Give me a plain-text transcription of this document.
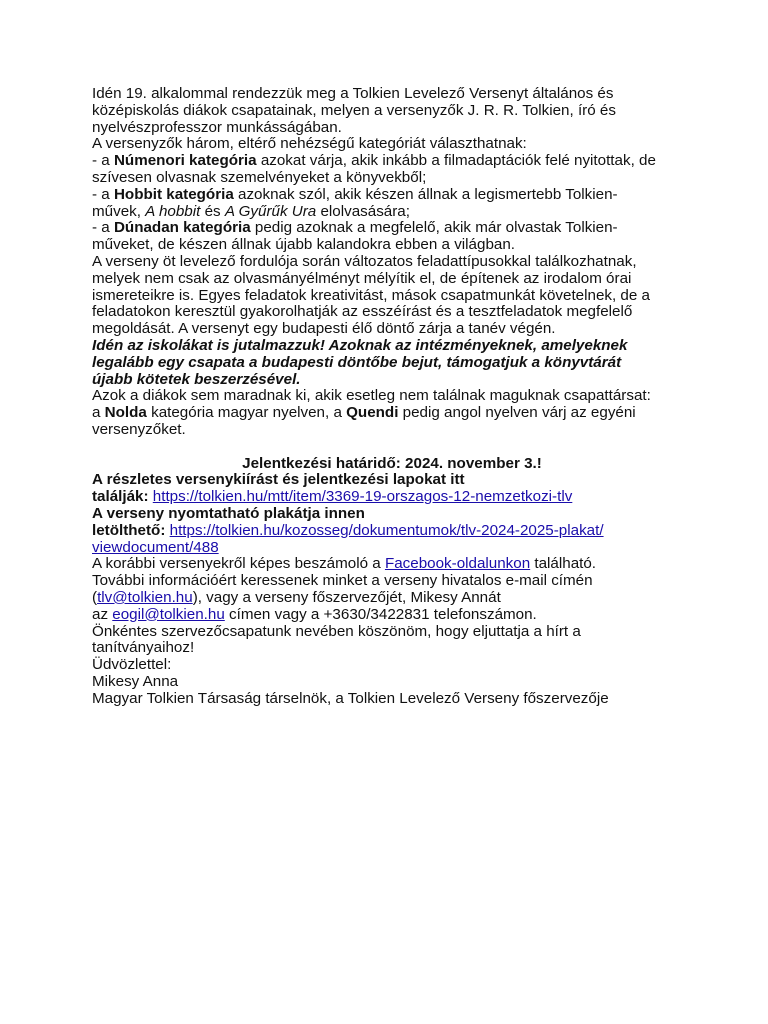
Idén 19. alkalommal rendezzük meg a Tolkien Levelező Versenyt általános és
középiskolás diákok csapatainak, melyen a versenyzők J. R. R. Tolkien, író és
nyelvészprofesszor munkásságában.
A versenyzők három, eltérő nehézségű kategóriát választhatnak:
- a Númenori kategória azokat várja, akik inkább a filmadaptációk felé nyitottak, de
szívesen olvasnak szemelvényeket a könyvekből;
- a Hobbit kategória azoknak szól, akik készen állnak a legismertebb Tolkien-
művek, A hobbit és A Gyűrűk Ura elolvasására;
- a Dúnadan kategória pedig azoknak a megfelelő, akik már olvastak Tolkien-
műveket, de készen állnak újabb kalandokra ebben a világban.
A verseny öt levelező fordulója során változatos feladattípusokkal találkozhatnak,
melyek nem csak az olvasmányélményt mélyítik el, de építenek az irodalom órai
ismereteikre is. Egyes feladatok kreativitást, mások csapatmunkát követelnek, de a
feladatokon keresztül gyakorolhatják az esszéírást és a tesztfeladatok megfelelő
megoldását. A versenyt egy budapesti élő döntő zárja a tanév végén.
Idén az iskolákat is jutalmazzuk! Azoknak az intézményeknek, amelyeknek
legalább egy csapata a budapesti döntőbe bejut, támogatjuk a könyvtárát
újabb kötetek beszerzésével.
Azok a diákok sem maradnak ki, akik esetleg nem találnak maguknak csapattársat:
a Nolda kategória magyar nyelven, a Quendi pedig angol nyelven várj az egyéni
versenyzőket.
Jelentkezési határidő: 2024. november 3.!
A részletes versenykiírást és jelentkezési lapokat itt
találják: https://tolkien.hu/mtt/item/3369-19-orszagos-12-nemzetkozi-tlv
A verseny nyomtatható plakátja innen
letölthető: https://tolkien.hu/kozosseg/dokumentumok/tlv-2024-2025-plakat/
viewdocument/488
A korábbi versenyekről képes beszámoló a Facebook-oldalunkon található.
További információért keressenek minket a verseny hivatalos e-mail címén
(tlv@tolkien.hu), vagy a verseny főszervezőjét, Mikesy Annát
az eogil@tolkien.hu címen vagy a +3630/3422831 telefonszámon.
Önkéntes szervezőcsapatunk nevében köszönöm, hogy eljuttatja a hírt a
tanítványaihoz!
Üdvözlettel:
Mikesy Anna
Magyar Tolkien Társaság társelnök, a Tolkien Levelező Verseny főszervezője
